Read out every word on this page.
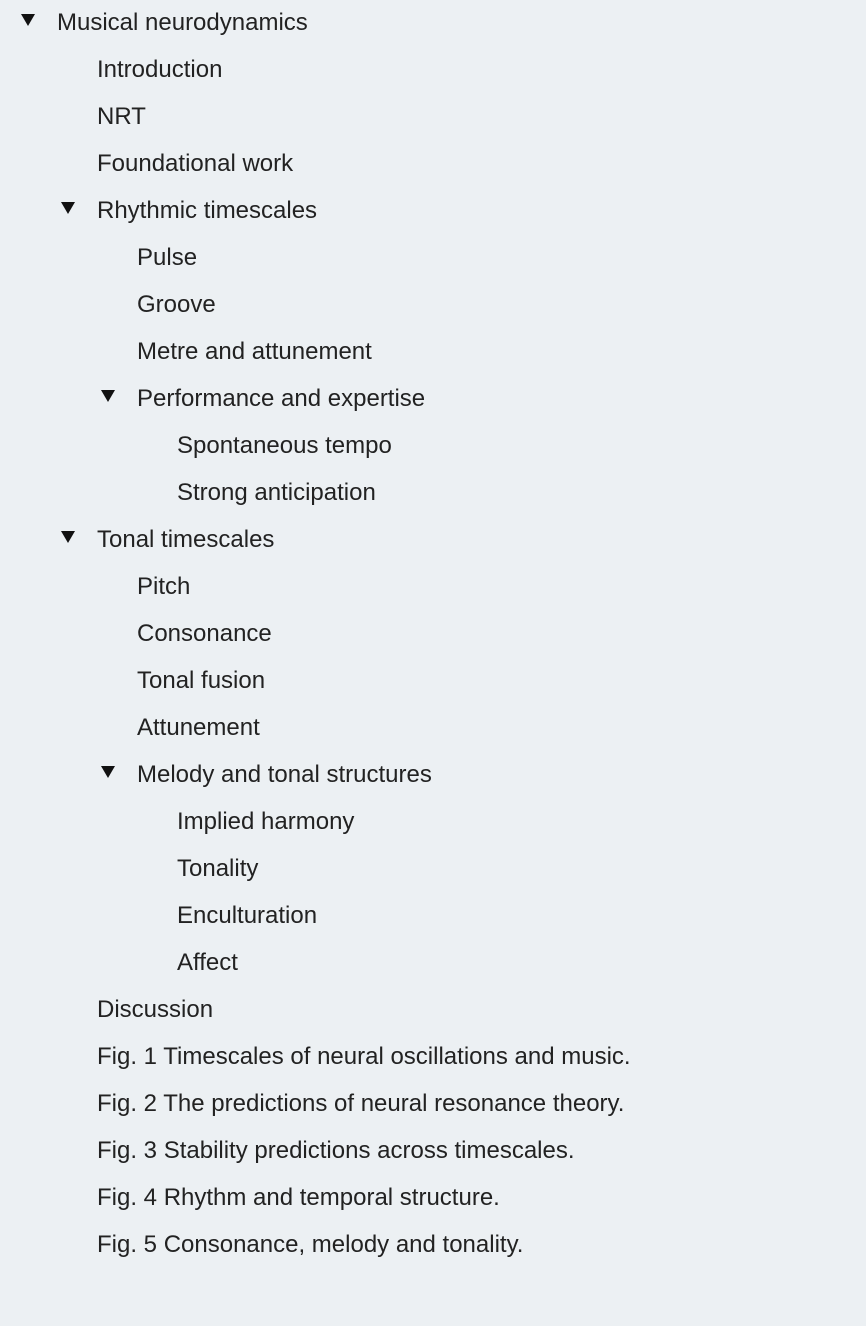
Musical neurodynamics
Introduction
NRT
Foundational work
Rhythmic timescales
Pulse
Groove
Metre and attunement
Performance and expertise
Spontaneous tempo
Strong anticipation
Tonal timescales
Pitch
Consonance
Tonal fusion
Attunement
Melody and tonal structures
Implied harmony
Tonality
Enculturation
Affect
Discussion
Fig. 1 Timescales of neural oscillations and music.
Fig. 2 The predictions of neural resonance theory.
Fig. 3 Stability predictions across timescales.
Fig. 4 Rhythm and temporal structure.
Fig. 5 Consonance, melody and tonality.
